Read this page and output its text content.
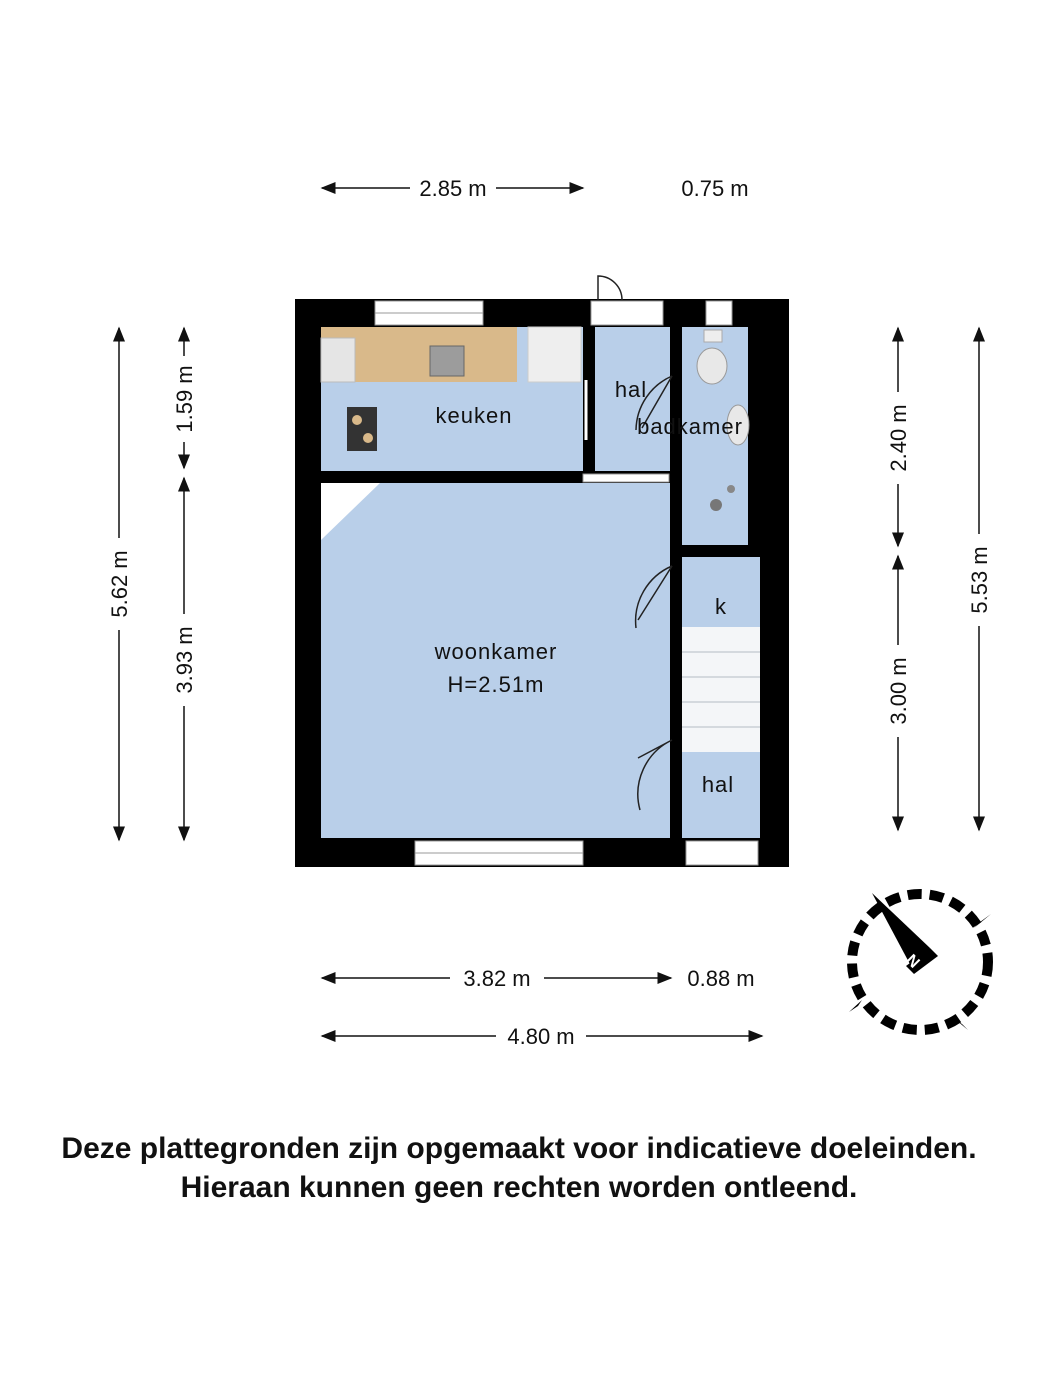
keuken
hal
badkamer
woonkamer
H=2.51m
k
hal
2.85 m	0.75 m
3.82 m	0.88 m
4.80 m
5.62 m
1.59 m
3.93 m
2.40 m
3.00 m
5.53 m
N
Deze plattegronden zijn opgemaakt voor indicatieve doeleinden.
Hieraan kunnen geen rechten worden ontleend.
